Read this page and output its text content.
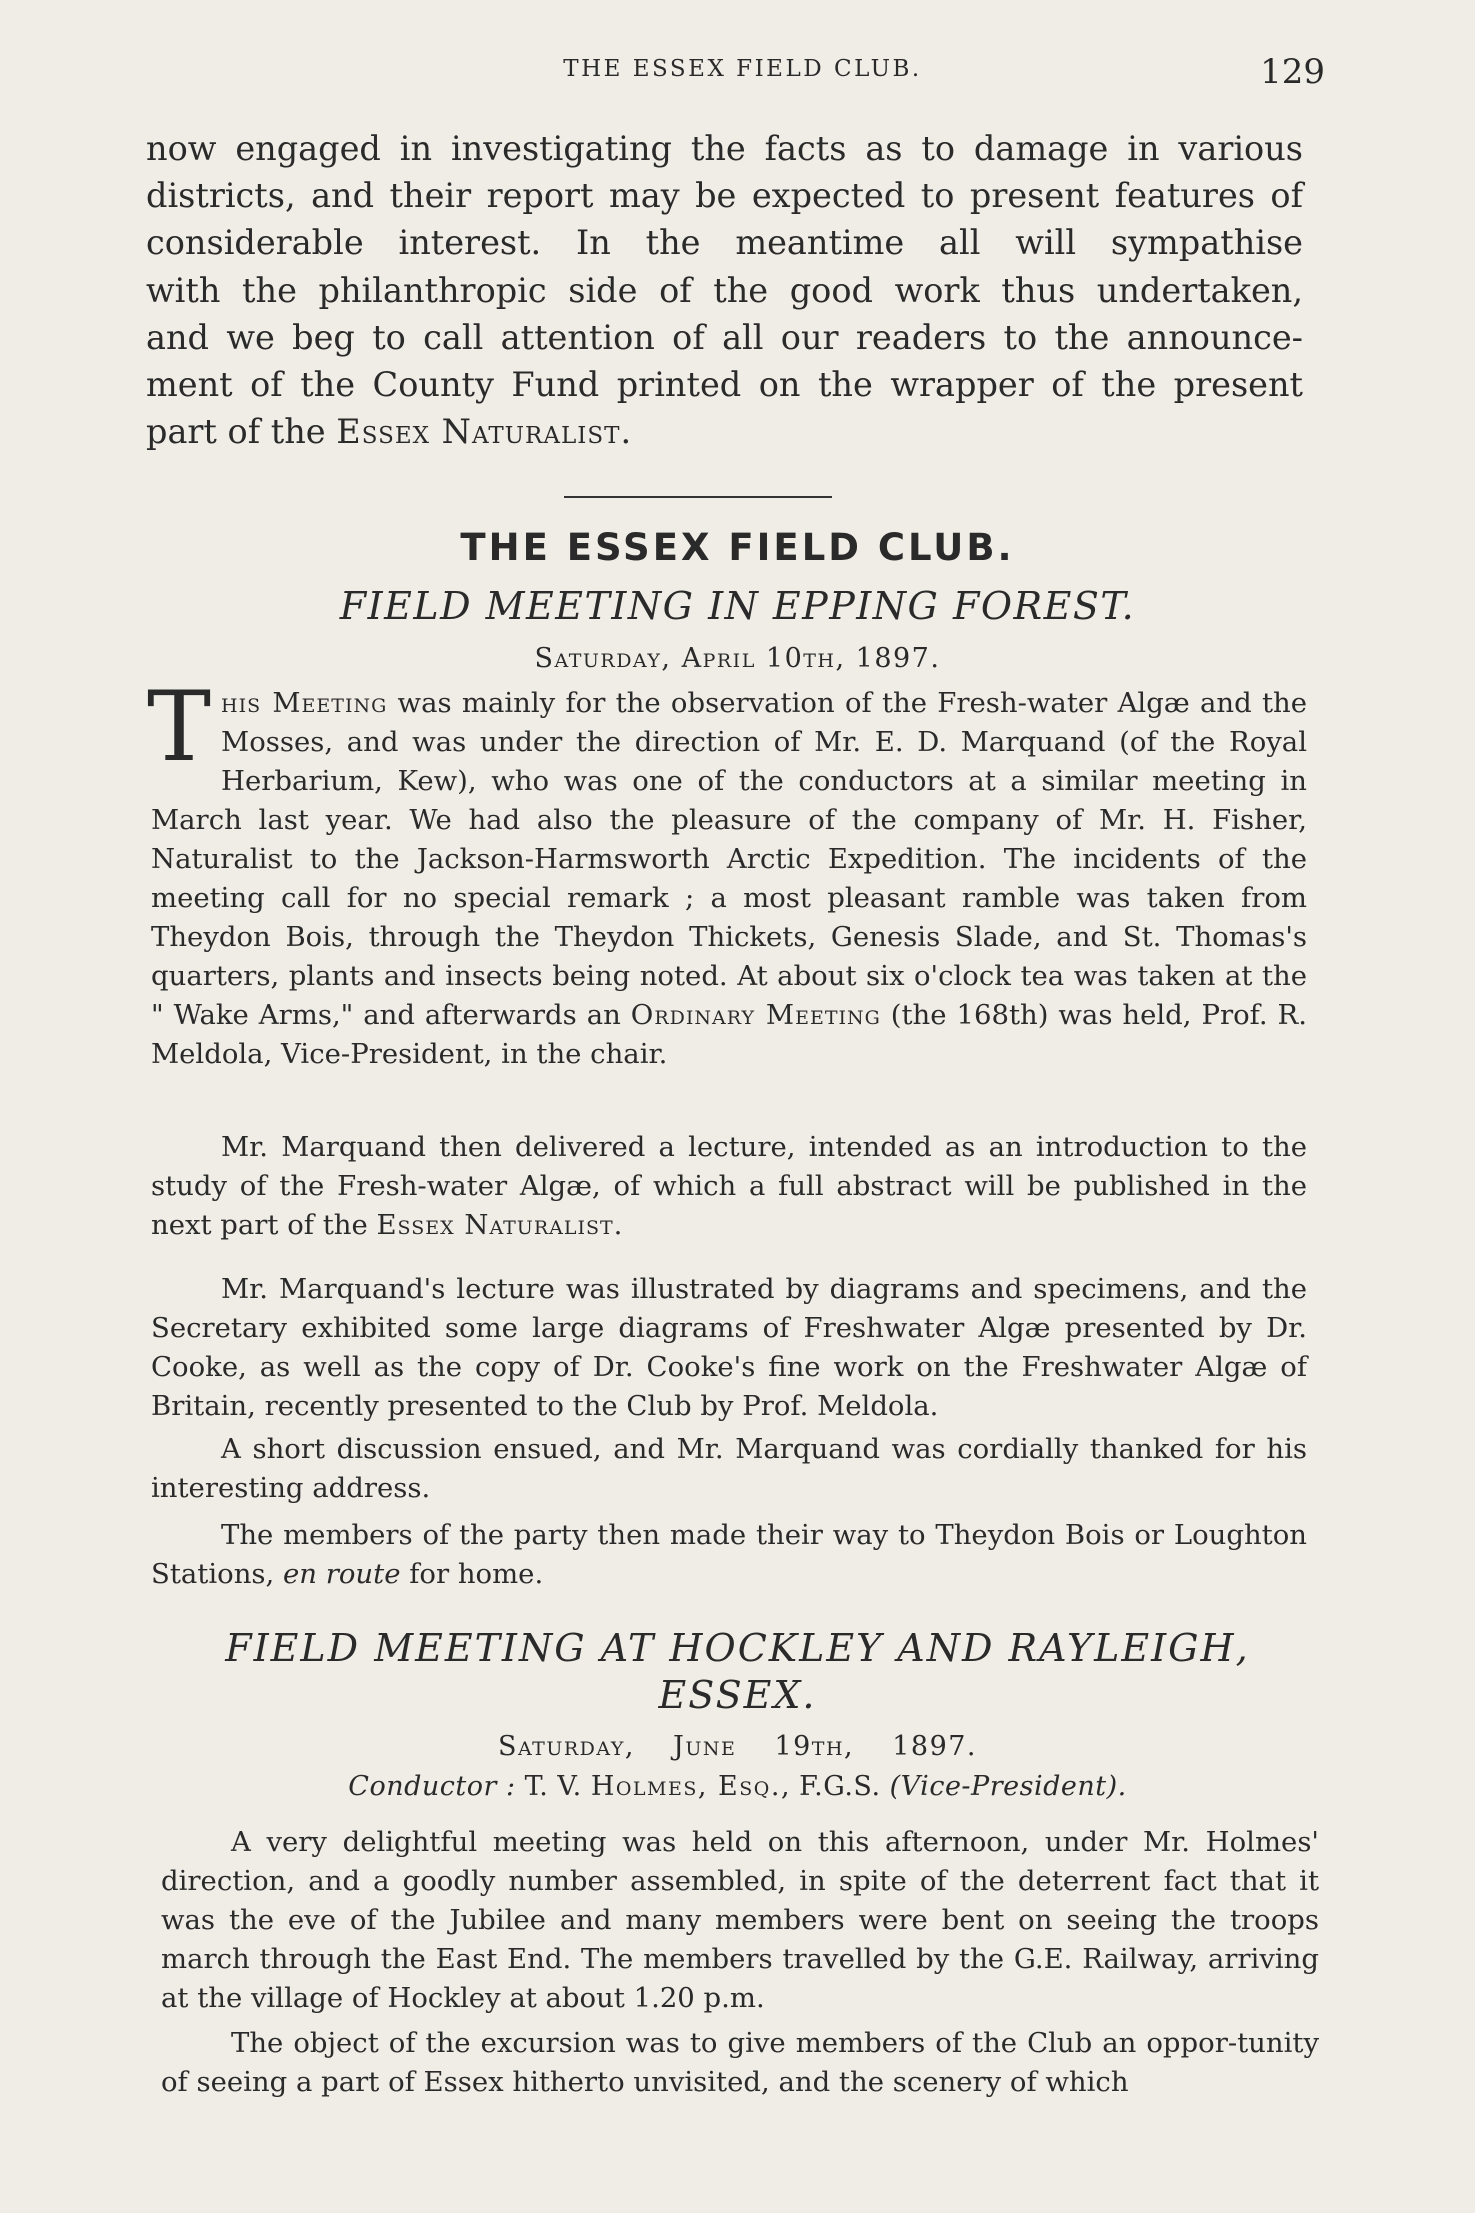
THE ESSEX FIELD CLUB.	129

now engaged in investigating the facts as to damage in various

districts, and their report may be expected to present features of

considerable interest. In the meantime all will sympathise

with the philanthropic side of the good work thus undertaken,

and we beg to call attention of all our readers to the announce-

ment of the County Fund printed on the wrapper of the present

part of the Essex Naturalist.

THE ESSEX FIELD CLUB.
FIELD MEETING IN EPPING FOREST.
Saturday, April 10th, 1897.

This Meeting was mainly for the observation of the Fresh-water Algæ and the Mosses, and was under the direction of Mr. E. D. Marquand (of the Royal Herbarium, Kew), who was one of the conductors at a similar meeting in March last year. We had also the pleasure of the company of Mr. H. Fisher, Naturalist to the Jackson-Harmsworth Arctic Expedition. The incidents of the meeting call for no special remark ; a most pleasant ramble was taken from Theydon Bois, through the Theydon Thickets, Genesis Slade, and St. Thomas's quarters, plants and insects being noted. At about six o'clock tea was taken at the " Wake Arms," and afterwards an Ordinary Meeting (the 168th) was held, Prof. R. Meldola, Vice-President, in the chair.

Mr. Marquand then delivered a lecture, intended as an introduction to the study of the Fresh-water Algæ, of which a full abstract will be published in the next part of the Essex Naturalist.

Mr. Marquand's lecture was illustrated by diagrams and specimens, and the Secretary exhibited some large diagrams of Freshwater Algæ presented by Dr. Cooke, as well as the copy of Dr. Cooke's fine work on the Freshwater Algæ of Britain, recently presented to the Club by Prof. Meldola.

A short discussion ensued, and Mr. Marquand was cordially thanked for his interesting address.

The members of the party then made their way to Theydon Bois or Loughton Stations, en route for home.

FIELD MEETING AT HOCKLEY AND RAYLEIGH,
ESSEX.
Saturday, June 19th, 1897.
Conductor : T. V. Holmes, Esq., F.G.S. (Vice-President).

A very delightful meeting was held on this afternoon, under Mr. Holmes' direction, and a goodly number assembled, in spite of the deterrent fact that it was the eve of the Jubilee and many members were bent on seeing the troops march through the East End. The members travelled by the G.E. Railway, arriving at the village of Hockley at about 1.20 p.m.

The object of the excursion was to give members of the Club an oppor-tunity of seeing a part of Essex hitherto unvisited, and the scenery of which
